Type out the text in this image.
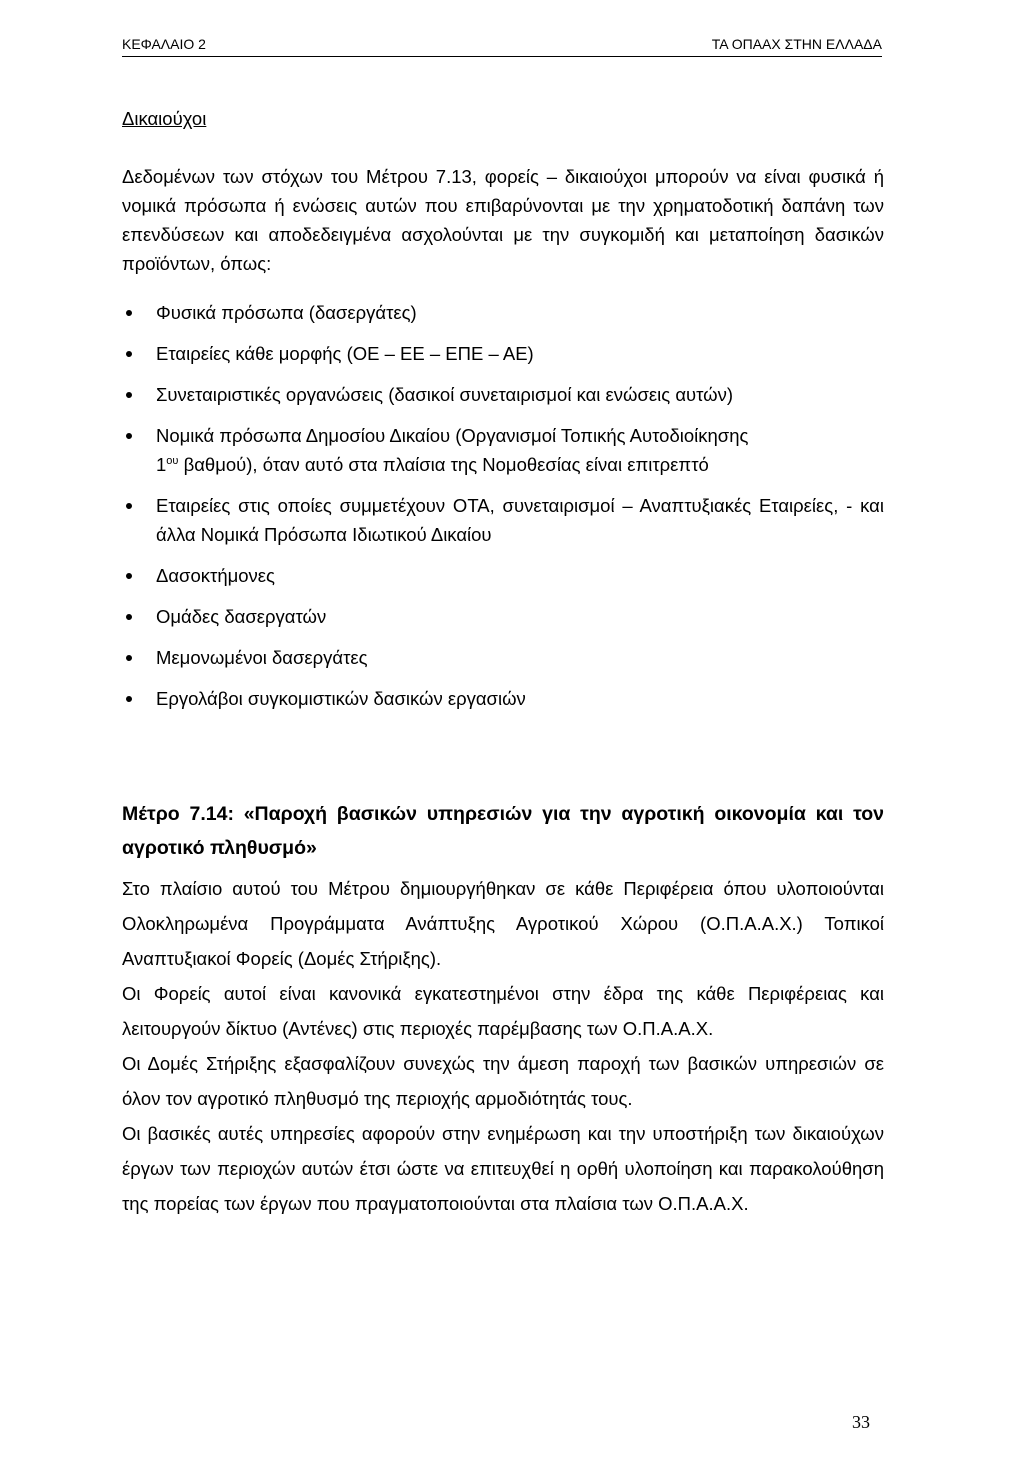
ΚΕΦΑΛΑΙΟ 2	ΤΑ ΟΠΑΑΧ ΣΤΗΝ ΕΛΛΑΔΑ

Δικαιούχοι

Δεδομένων των στόχων του Μέτρου 7.13, φορείς – δικαιούχοι μπορούν να είναι φυσικά ή νομικά πρόσωπα ή ενώσεις αυτών που επιβαρύνονται με την χρηματοδοτική δαπάνη των επενδύσεων και αποδεδειγμένα ασχολούνται με την συγκομιδή και μεταποίηση δασικών προϊόντων, όπως:

Φυσικά πρόσωπα (δασεργάτες)
Εταιρείες κάθε μορφής (ΟΕ – ΕΕ – ΕΠΕ – ΑΕ)
Συνεταιριστικές οργανώσεις (δασικοί συνεταιρισμοί και ενώσεις αυτών)
Νομικά πρόσωπα Δημοσίου Δικαίου (Οργανισμοί Τοπικής Αυτοδιοίκησης
$1^{o\upsilon}$ βαθμού), όταν αυτό στα πλαίσια της Νομοθεσίας είναι επιτρεπτό
Εταιρείες στις οποίες συμμετέχουν ΟΤΑ, συνεταιρισμοί – Αναπτυξιακές Εταιρείες, - και άλλα Νομικά Πρόσωπα Ιδιωτικού Δικαίου
Δασοκτήμονες
Ομάδες δασεργατών
Μεμονωμένοι δασεργάτες
Εργολάβοι συγκομιστικών δασικών εργασιών

Μέτρο 7.14: «Παροχή βασικών υπηρεσιών για την αγροτική οικονομία και τον αγροτικό πληθυσμό»

Στο πλαίσιο αυτού του Μέτρου δημιουργήθηκαν σε κάθε Περιφέρεια όπου υλοποιούνται Ολοκληρωμένα Προγράμματα Ανάπτυξης Αγροτικού Χώρου (Ο.Π.Α.Α.Χ.) Τοπικοί Αναπτυξιακοί Φορείς (Δομές Στήριξης).

Οι Φορείς αυτοί είναι κανονικά εγκατεστημένοι στην έδρα της κάθε Περιφέρειας και λειτουργούν δίκτυο (Αντένες) στις περιοχές παρέμβασης των Ο.Π.Α.Α.Χ.

Οι Δομές Στήριξης εξασφαλίζουν συνεχώς την άμεση παροχή των βασικών υπηρεσιών σε όλον τον αγροτικό πληθυσμό της περιοχής αρμοδιότητάς τους.

Οι βασικές αυτές υπηρεσίες αφορούν στην ενημέρωση και την υποστήριξη των δικαιούχων έργων των περιοχών αυτών έτσι ώστε να επιτευχθεί η ορθή υλοποίηση και παρακολούθηση της πορείας των έργων που πραγματοποιούνται στα πλαίσια των Ο.Π.Α.Α.Χ.

33
